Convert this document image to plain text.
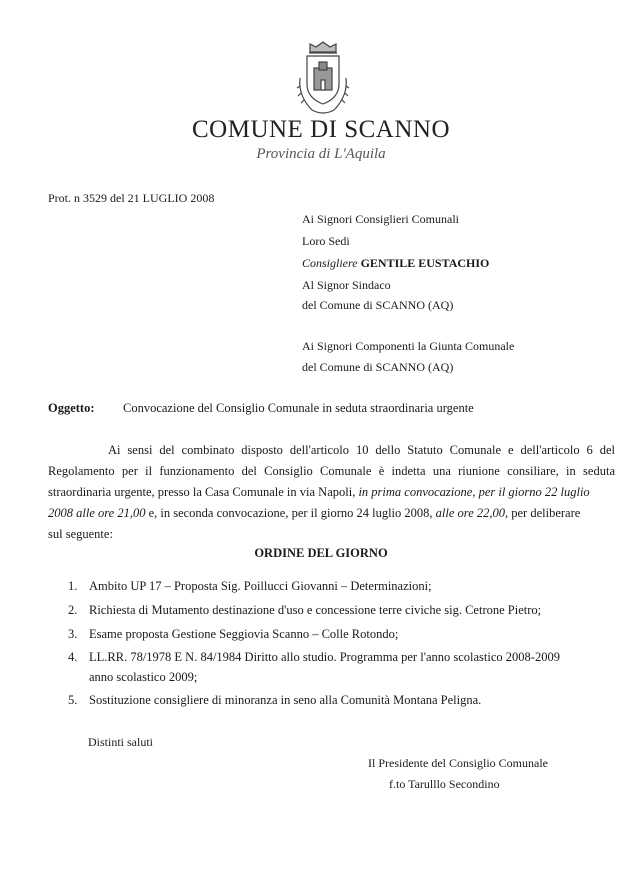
COMUNE DI SCANNO
Provincia di L'Aquila
Prot. n 3529 del 21 LUGLIO 2008
Ai Signori Consiglieri Comunali
Loro Sedi
Consigliere GENTILE EUSTACHIO
Al Signor Sindaco
del Comune di SCANNO (AQ)
Ai Signori Componenti la Giunta Comunale
del Comune di SCANNO (AQ)
Oggetto: Convocazione del Consiglio Comunale in seduta straordinaria urgente
Ai sensi del combinato disposto dell'articolo 10 dello Statuto Comunale e dell'articolo 6 del
Regolamento per il funzionamento del Consiglio Comunale è indetta una riunione consiliare, in seduta
straordinaria urgente, presso la Casa Comunale in via Napoli, in prima convocazione, per il giorno 22 luglio
2008 alle ore 21,00 e, in seconda convocazione, per il giorno 24 luglio 2008, alle ore 22,00, per deliberare
sul seguente:
ORDINE DEL GIORNO
1. Ambito UP 17 – Proposta Sig. Poillucci Giovanni – Determinazioni;
2. Richiesta di Mutamento destinazione d'uso e concessione terre civiche sig. Cetrone Pietro;
3. Esame proposta Gestione Seggiovia Scanno – Colle Rotondo;
4. LL.RR. 78/1978 E N. 84/1984 Diritto allo studio. Programma per l'anno scolastico 2008-2009
anno scolastico 2009;
5. Sostituzione consigliere di minoranza in seno alla Comunità Montana Peligna.
Distinti saluti
Il Presidente del Consiglio Comunale
f.to Tarulllo Secondino
